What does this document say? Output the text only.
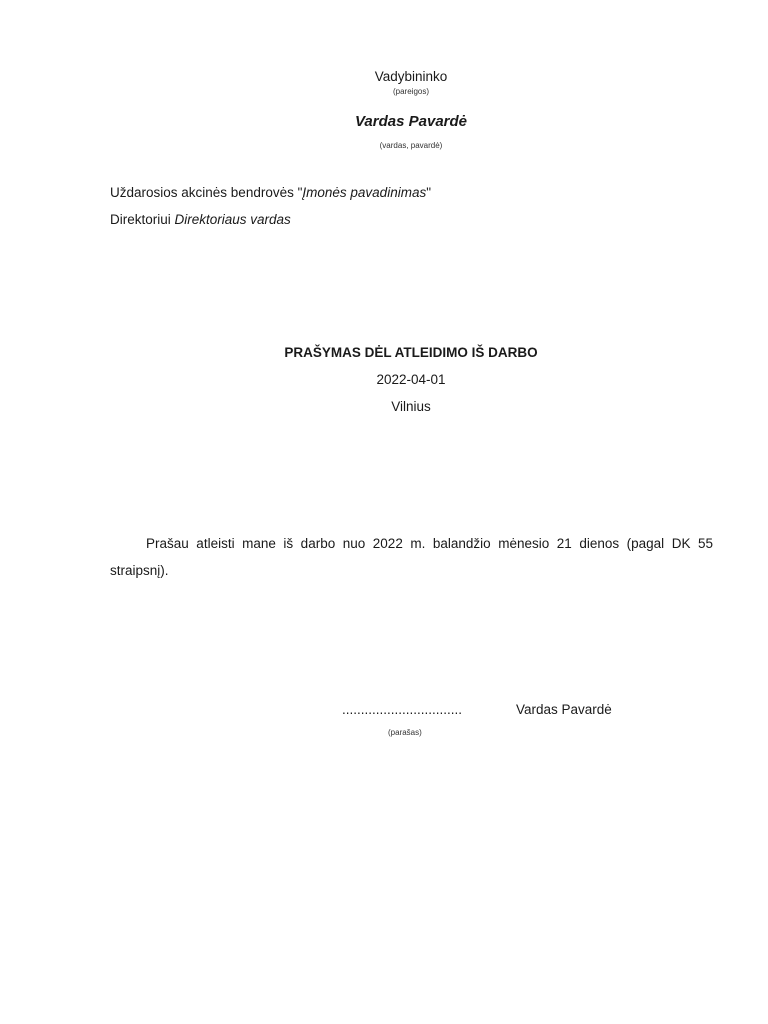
Vadybininko
(pareigos)
Vardas Pavardė
(vardas, pavardė)
Uždarosios akcinės bendrovės "Įmonės pavadinimas"
Direktoriui Direktoriaus vardas
PRAŠYMAS DĖL ATLEIDIMO IŠ DARBO
2022-04-01
Vilnius
Prašau atleisti mane iš darbo nuo 2022 m. balandžio mėnesio 21 dienos (pagal DK 55 straipsnį).
................................	Vardas Pavardė
(parašas)
